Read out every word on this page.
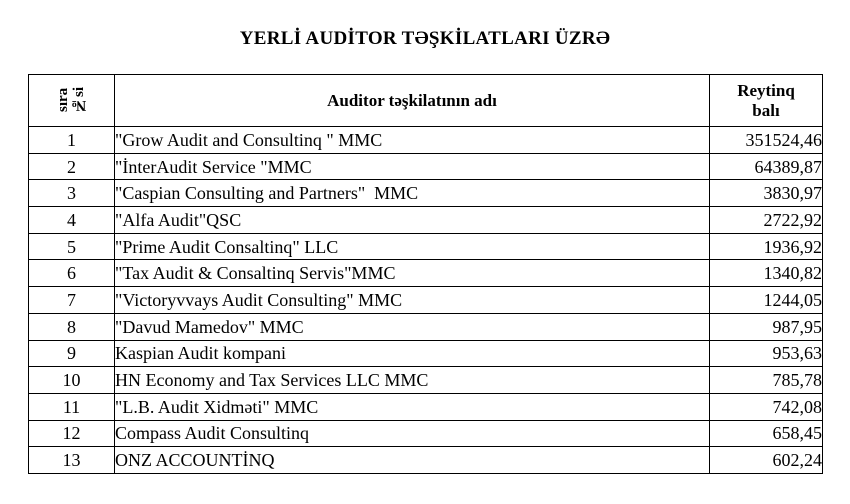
YERLİ AUDİTOR TƏŞKİLATLARI ÜZRƏ
sıra
№si	Auditor təşkilatının adı	Reytinq
balı

1	"Grow Audit and Consultinq " MMC	351524,46
2	"İnterAudit Service "MMC	64389,87
3	"Caspian Consulting and Partners"  MMC	3830,97
4	"Alfa Audit"QSC	2722,92
5	"Prime Audit Consaltinq" LLC	1936,92
6	"Tax Audit & Consaltinq Servis"MMC	1340,82
7	"Victoryvvays Audit Consulting" MMC	1244,05
8	"Davud Mamedov" MMC	987,95
9	Kaspian Audit kompani	953,63
10	HN Economy and Tax Services LLC MMC	785,78
11	"L.B. Audit Xidməti" MMC	742,08
12	Compass Audit Consultinq	658,45
13	ONZ ACCOUNTİNQ	602,24
